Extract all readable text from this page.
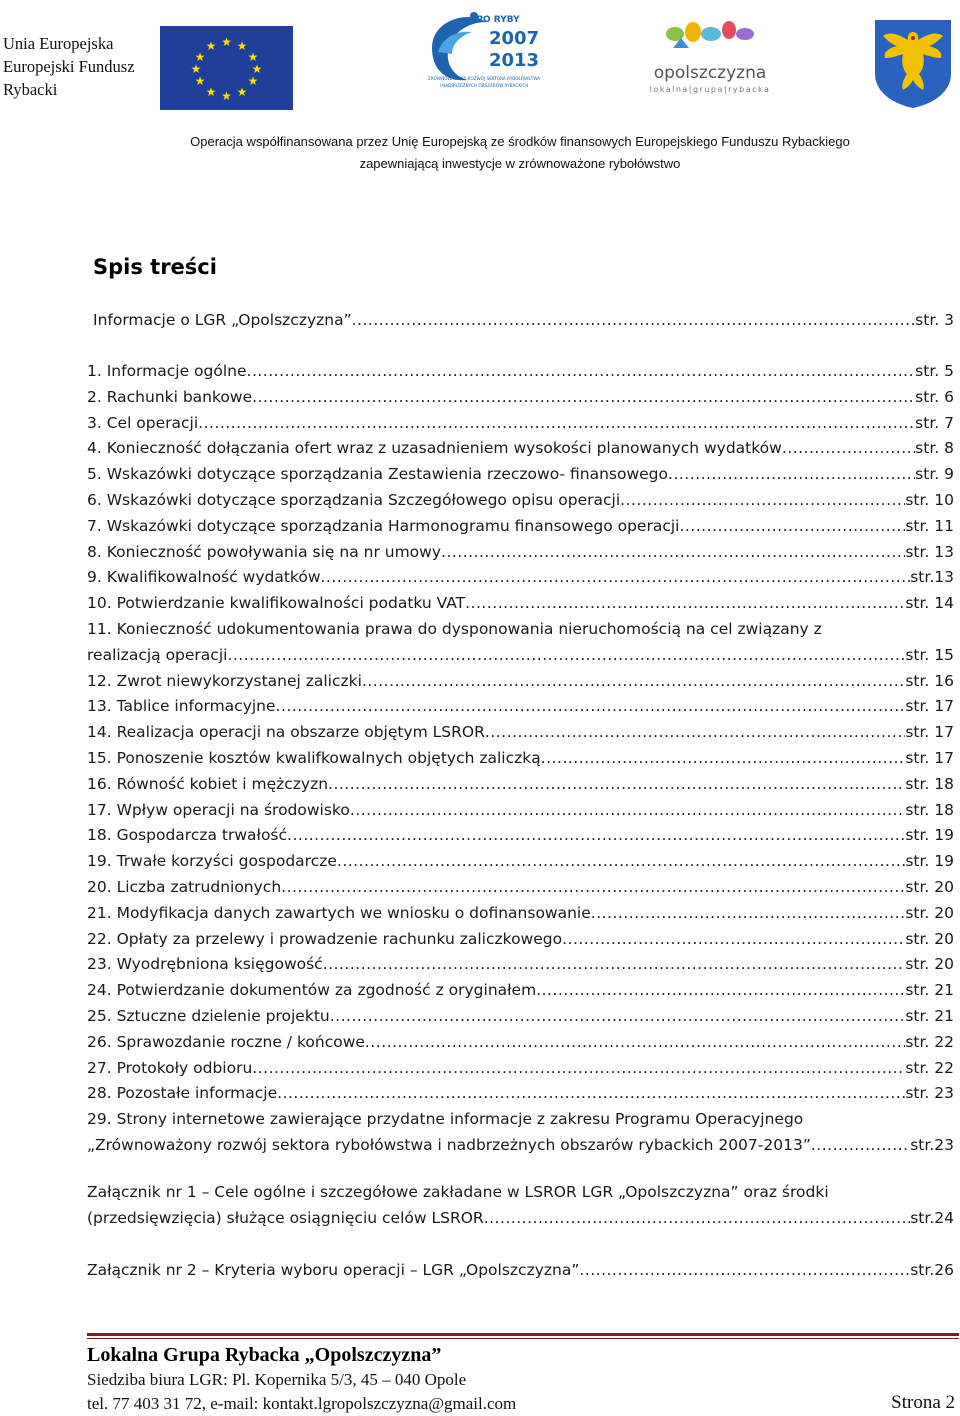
Unia Europejska
Europejski Fundusz
Rybacki
★ ★
★
★
★
★
★
★
★
★
★
★
PO RYBY
2007
2013
ZRÓWNOWAŻONY ROZWÓJ SEKTORA RYBOŁÓWSTWA
I NADBRZEŻNYCH OBSZARÓW RYBACKICH
opolszczyzna
lokalna|grupa|rybacka
Operacja współfinansowana przez Unię Europejską ze środków finansowych Europejskiego Funduszu Rybackiego
zapewniającą inwestycje w zrównoważone rybołówstwo
Spis treści
Informacje o LGR „Opolszczyzna” .....	str. 3
1. Informacje ogólne .....	str. 5
2. Rachunki bankowe .....	str. 6
3. Cel operacji .....	str. 7
4. Konieczność dołączania ofert wraz z uzasadnieniem wysokości planowanych wydatków .....	str. 8
5. Wskazówki dotyczące sporządzania Zestawienia rzeczowo- finansowego .....	str. 9
6. Wskazówki dotyczące sporządzania Szczegółowego opisu operacji .....	str. 10
7. Wskazówki dotyczące sporządzania Harmonogramu finansowego operacji .....	str. 11
8. Konieczność powoływania się na nr umowy .....	str. 13
9. Kwalifikowalność wydatków .....	str.13
10. Potwierdzanie kwalifikowalności podatku VAT .....	str. 14
11. Konieczność udokumentowania prawa do dysponowania nieruchomością na cel związany z
realizacją operacji .....	str. 15
12. Zwrot niewykorzystanej zaliczki .....	str. 16
13. Tablice informacyjne .....	str. 17
14. Realizacja operacji na obszarze objętym LSROR .....	str. 17
15. Ponoszenie kosztów kwalifkowalnych objętych zaliczką .....	str. 17
16. Równość kobiet i mężczyzn .....	str. 18
17. Wpływ operacji na środowisko .....	str. 18
18. Gospodarcza trwałość .....	str. 19
19. Trwałe korzyści gospodarcze .....	str. 19
20. Liczba zatrudnionych .....	str. 20
21. Modyfikacja danych zawartych we wniosku o dofinansowanie .....	str. 20
22. Opłaty za przelewy i prowadzenie rachunku zaliczkowego .....	str. 20
23. Wyodrębniona księgowość .....	str. 20
24. Potwierdzanie dokumentów za zgodność z oryginałem .....	str. 21
25. Sztuczne dzielenie projektu .....	str. 21
26. Sprawozdanie roczne / końcowe .....	str. 22
27. Protokoły odbioru .....	str. 22
28. Pozostałe informacje .....	str. 23
29. Strony internetowe zawierające przydatne informacje z zakresu Programu Operacyjnego
„Zrównoważony rozwój sektora rybołówstwa i nadbrzeżnych obszarów rybackich 2007-2013” .....	str.23
Załącznik nr 1 – Cele ogólne i szczegółowe zakładane w LSROR LGR „Opolszczyzna” oraz środki
(przedsięwzięcia) służące osiągnięciu celów LSROR .....	str.24
Załącznik nr 2 – Kryteria wyboru operacji – LGR „Opolszczyzna” .....	str.26
Lokalna Grupa Rybacka „Opolszczyzna”
Siedziba biura LGR: Pl. Kopernika 5/3, 45 – 040 Opole
tel. 77 403 31 72, e-mail: kontakt.lgropolszczyzna@gmail.com	Strona 2
